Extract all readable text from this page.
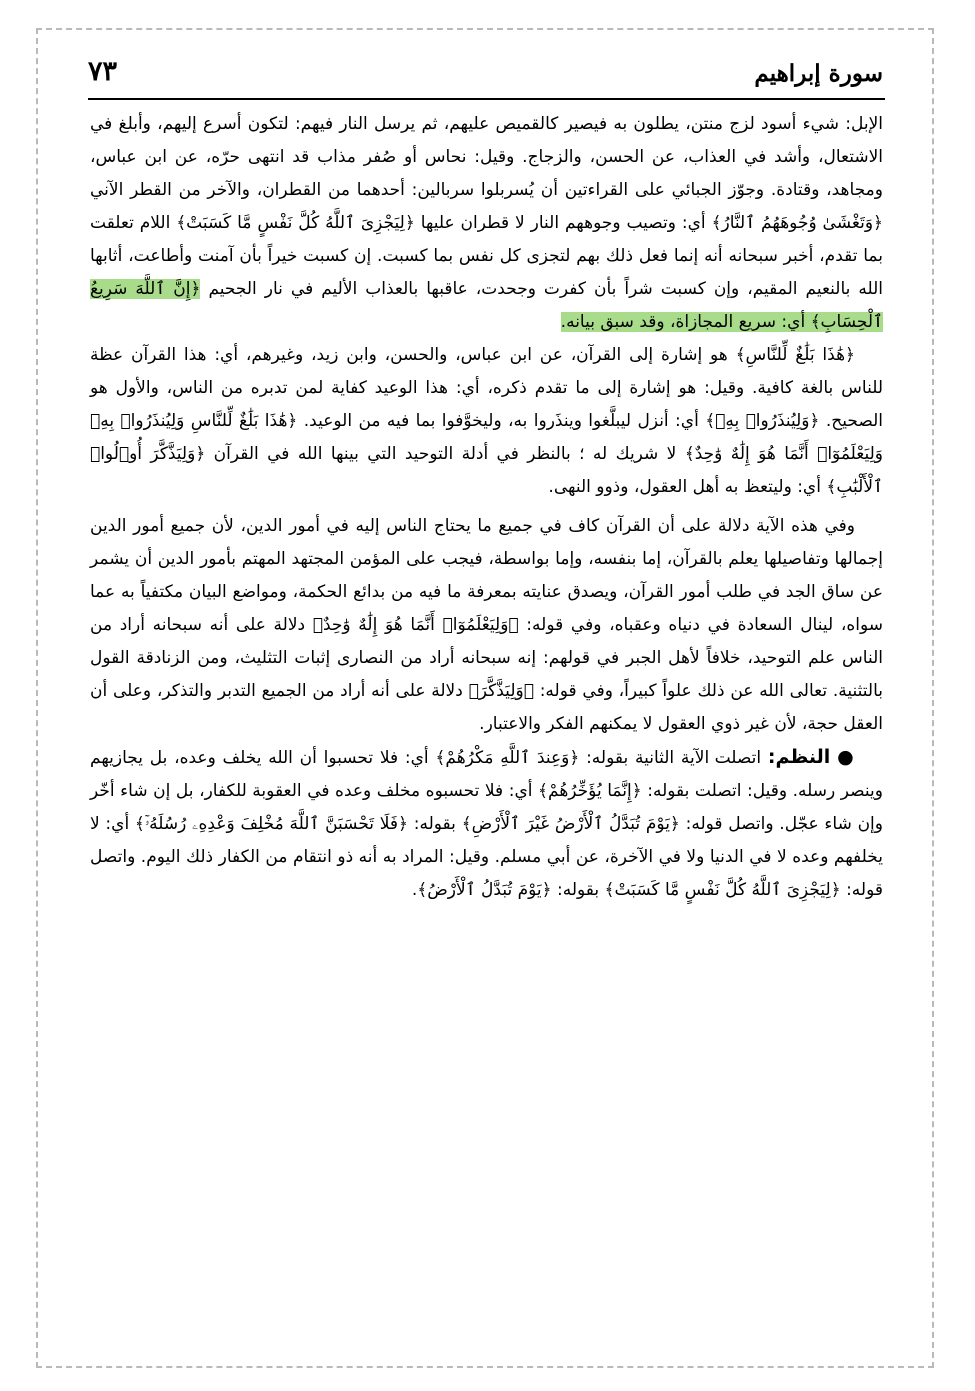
سورة إبراهيم
٧٣

الإبل: شيء أسود لزج منتن، يطلون به فيصير كالقميص عليهم، ثم يرسل النار فيهم: لتكون أسرع إليهم، وأبلغ في الاشتعال، وأشد في العذاب، عن الحسن، والزجاج. وقيل: نحاس أو صُفر مذاب قد انتهى حرّه، عن ابن عباس، ومجاهد، وقتادة. وجوّز الجبائي على القراءتين أن يُسربلوا سربالين: أحدهما من القطران، والآخر من القطر الآني ﴿وَتَغْشَىٰ وُجُوهَهُمُ ٱلنَّارُ﴾ أي: وتصيب وجوههم النار لا قطران عليها ﴿لِيَجْزِىَ ٱللَّهُ كُلَّ نَفْسٍ مَّا كَسَبَتْ﴾ اللام تعلقت بما تقدم، أخبر سبحانه أنه إنما فعل ذلك بهم لتجزى كل نفس بما كسبت. إن كسبت خيراً بأن آمنت وأطاعت، أثابها الله بالنعيم المقيم، وإن كسبت شراً بأن كفرت وجحدت، عاقبها بالعذاب الأليم في نار الجحيم ﴿إِنَّ ٱللَّهَ سَرِيعُ ٱلْحِسَابِ﴾ أي: سريع المجازاة، وقد سبق بيانه.

﴿هَٰذَا بَلَٰغٌ لِّلنَّاسِ﴾ هو إشارة إلى القرآن، عن ابن عباس، والحسن، وابن زيد، وغيرهم، أي: هذا القرآن عظة للناس بالغة كافية. وقيل: هو إشارة إلى ما تقدم ذكره، أي: هذا الوعيد كفاية لمن تدبره من الناس، والأول هو الصحيح. ﴿وَلِيُنذَرُوا۟ بِهِۦ﴾ أي: أنزل ليبلَّغوا وينذَروا به، وليخوَّفوا بما فيه من الوعيد. ﴿هَٰذَا بَلَٰغٌ لِّلنَّاسِ وَلِيُنذَرُوا۟ بِهِۦ وَلِيَعْلَمُوٓا۟ أَنَّمَا هُوَ إِلَٰهٌ وَٰحِدٌ﴾ لا شريك له ؛ بالنظر في أدلة التوحيد التي بينها الله في القرآن ﴿وَلِيَذَّكَّرَ أُو۟لُوا۟ ٱلْأَلْبَٰبِ﴾ أي: وليتعظ به أهل العقول، وذوو النهى.

وفي هذه الآية دلالة على أن القرآن كاف في جميع ما يحتاج الناس إليه في أمور الدين، لأن جميع أمور الدين إجمالها وتفاصيلها يعلم بالقرآن، إما بنفسه، وإما بواسطة، فيجب على المؤمن المجتهد المهتم بأمور الدين أن يشمر عن ساق الجد في طلب أمور القرآن، ويصدق عنايته بمعرفة ما فيه من بدائع الحكمة، ومواضع البيان مكتفياً به عما سواه، لينال السعادة في دنياه وعقباه، وفي قوله: ﴿وَلِيَعْلَمُوٓا۟ أَنَّمَا هُوَ إِلَٰهٌ وَٰحِدٌ﴾ دلالة على أنه سبحانه أراد من الناس علم التوحيد، خلافاً لأهل الجبر في قولهم: إنه سبحانه أراد من النصارى إثبات التثليث، ومن الزنادقة القول بالتثنية. تعالى الله عن ذلك علواً كبيراً، وفي قوله: ﴿وَلِيَذَّكَّرَ﴾ دلالة على أنه أراد من الجميع التدبر والتذكر، وعلى أن العقل حجة، لأن غير ذوي العقول لا يمكنهم الفكر والاعتبار.

● النظم: اتصلت الآية الثانية بقوله: ﴿وَعِندَ ٱللَّهِ مَكْرُهُمْ﴾ أي: فلا تحسبوا أن الله يخلف وعده، بل يجازيهم وينصر رسله. وقيل: اتصلت بقوله: ﴿إِنَّمَا يُؤَخِّرُهُمْ﴾ أي: فلا تحسبوه مخلف وعده في العقوبة للكفار، بل إن شاء أخّر وإن شاء عجّل. واتصل قوله: ﴿يَوْمَ تُبَدَّلُ ٱلْأَرْضُ غَيْرَ ٱلْأَرْضِ﴾ بقوله: ﴿فَلَا تَحْسَبَنَّ ٱللَّهَ مُخْلِفَ وَعْدِهِۦ رُسُلَهُۥٓ﴾ أي: لا يخلفهم وعده لا في الدنيا ولا في الآخرة، عن أبي مسلم. وقيل: المراد به أنه ذو انتقام من الكفار ذلك اليوم. واتصل قوله: ﴿لِيَجْزِىَ ٱللَّهُ كُلَّ نَفْسٍ مَّا كَسَبَتْ﴾ بقوله: ﴿يَوْمَ تُبَدَّلُ ٱلْأَرْضُ﴾.
